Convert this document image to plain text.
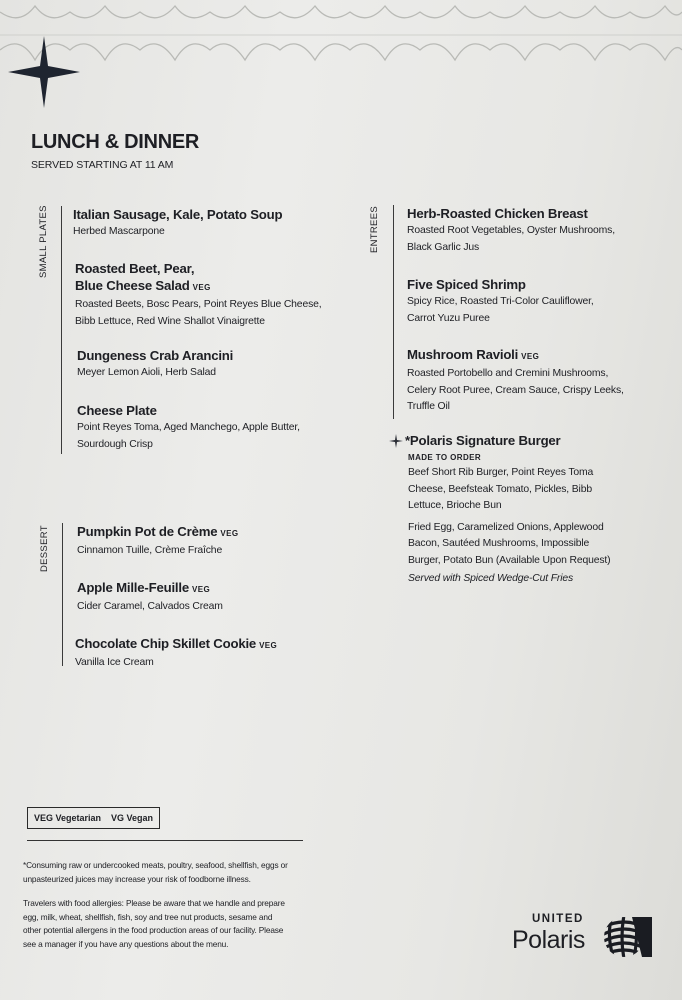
LUNCH & DINNER
SERVED STARTING AT 11 AM
SMALL PLATES Italian Sausage, Kale, Potato Soup
Herbed Mascarpone
Roasted Beet, Pear,
Blue Cheese Salad VEG
Roasted Beets, Bosc Pears, Point Reyes Blue Cheese,
Bibb Lettuce, Red Wine Shallot Vinaigrette
Dungeness Crab Arancini
Meyer Lemon Aioli, Herb Salad
Cheese Plate
Point Reyes Toma, Aged Manchego, Apple Butter,
Sourdough Crisp
ENTREES Herb-Roasted Chicken Breast
Roasted Root Vegetables, Oyster Mushrooms,
Black Garlic Jus
Five Spiced Shrimp
Spicy Rice, Roasted Tri-Color Cauliflower,
Carrot Yuzu Puree
Mushroom Ravioli VEG
Roasted Portobello and Cremini Mushrooms,
Celery Root Puree, Cream Sauce, Crispy Leeks,
Truffle Oil
*Polaris Signature Burger
MADE TO ORDER
Beef Short Rib Burger, Point Reyes Toma
Cheese, Beefsteak Tomato, Pickles, Bibb
Lettuce, Brioche Bun
Fried Egg, Caramelized Onions, Applewood
Bacon, Sautéed Mushrooms, Impossible
Burger, Potato Bun (Available Upon Request)
Served with Spiced Wedge-Cut Fries
DESSERT Pumpkin Pot de Crème VEG
Cinnamon Tuille, Crème Fraîche
Apple Mille-Feuille VEG
Cider Caramel, Calvados Cream
Chocolate Chip Skillet Cookie VEG
Vanilla Ice Cream
VEG Vegetarian VG Vegan
*Consuming raw or undercooked meats, poultry, seafood, shellfish, eggs or
unpasteurized juices may increase your risk of foodborne illness.
Travelers with food allergies: Please be aware that we handle and prepare
egg, milk, wheat, shellfish, fish, soy and tree nut products, sesame and
other potential allergens in the food production areas of our facility. Please
see a manager if you have any questions about the menu.
UNITED
Polaris
